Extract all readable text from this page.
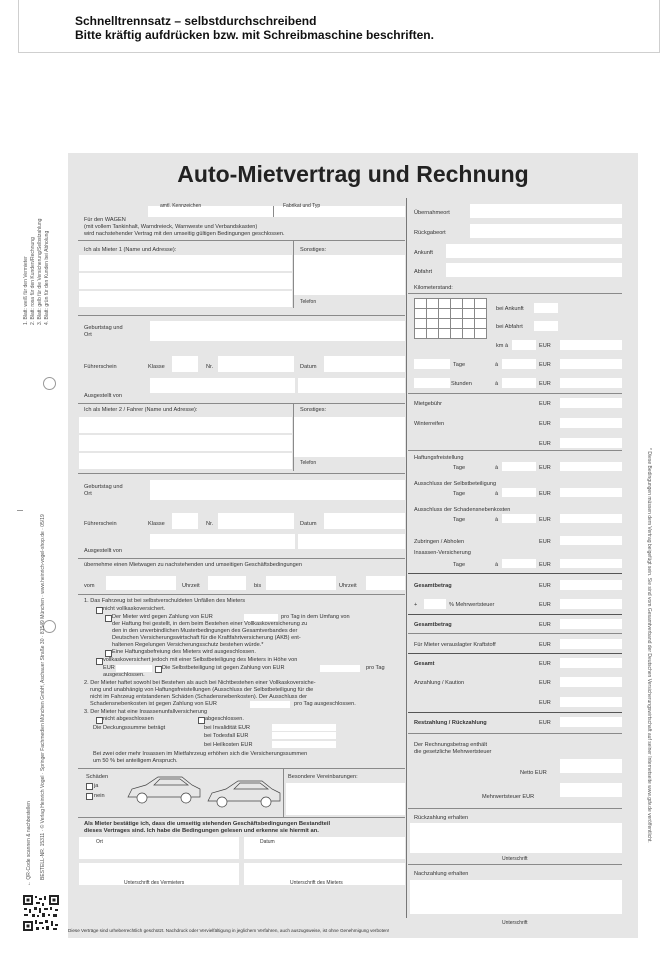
Schnelltrennsatz – selbstdurchschreibend
Bitte kräftig aufdrücken bzw. mit Schreibmaschine beschriften.
1. Blatt: weiß für den Vermieter 2. Blatt: rosa für den Kunden/Rechnung 3. Blatt: gelb für die Versicherung/Selbstzahlung 4. Blatt: grün für den Kunden bei Abholung
BESTELL-NR. 15311 · © Verlag Heinrich Vogel · Springer Fachmedien München GmbH, Aschauer Straße 30 · 81549 München · www.heinrich-vogel-shop.de · 05/19
← QR-Code scannen & nachbestellen
* Diese Bedingungen müssen dem Vertrag beigefügt sein. Sie sind vom Gesamtverband der Deutschen Versicherungswirtschaft auf seiner Internetseite www.gdv.de veröffentlicht.
Auto-Mietvertrag und Rechnung
amtl. Kennzeichen	Fabrikat und Typ
Für den WAGEN
(mit vollem Tankinhalt, Warndreieck, Warnweste und Verbandskasten)
wird nachstehender Vertrag mit den umseitig gültigen Bedingungen geschlossen.
Ich als Mieter 1 (Name und Adresse):	Sonstiges:
Telefon
Geburtstag und
Ort
Führerschein	Klasse	Nr.	Datum
Ausgestellt von
Ich als Mieter 2 / Fahrer (Name und Adresse):	Sonstiges:
Telefon
Geburtstag und
Ort
Führerschein	Klasse	Nr.	Datum
Ausgestellt von
übernehme einen Mietwagen zu nachstehenden und umseitigen Geschäftsbedingungen
vom	Uhrzeit	bis	Uhrzeit
1. Das Fahrzeug ist bei selbstverschuldeten Unfällen des Mieters
nicht vollkaskoversichert.
Der Mieter wird gegen Zahlung von EUR	pro Tag in dem Umfang von
der Haftung frei gestellt, in dem beim Bestehen einer Vollkaskoversicherung zu
den in den unverbindlichen Musterbedingungen des Gesamtverbandes der
Deutschen Versicherungswirtschaft für die Kraftfahrtversicherung (AKB) ent-
haltenen Regelungen Versicherungsschutz bestehen würde.*
Eine Haftungsbefreiung des Mieters wird ausgeschlossen.
vollkaskoversichert jedoch mit einer Selbstbeteiligung des Mieters in Höhe von
EUR	Die Selbstbeteiligung ist gegen Zahlung von EUR	pro Tag
ausgeschlossen.
2. Der Mieter haftet sowohl bei Bestehen als auch bei Nichtbestehen einer Vollkaskoversiche-
rung und unabhängig von Haftungsfreistellungen (Ausschluss der Selbstbeteiligung für die
nicht im Fahrzeug entstandenen Schäden (Schadensnebenkosten). Der Ausschluss der
Schadensnebenkosten ist gegen Zahlung von EUR	pro Tag ausgeschlossen.
3. Der Mieter hat eine Insassenunfallversicherung
nicht abgeschlossen	abgeschlossen.
Die Deckungssumme beträgt	bei Invalidität EUR
bei Todesfall EUR
bei Heilkosten EUR
Bei zwei oder mehr Insassen im Mietfahrzeug erhöhen sich die Versicherungssummen
um 50 % bei anteiligem Anspruch.
Schäden
ja
nein
Besondere Vereinbarungen:
Als Mieter bestätige ich, dass die umseitig stehenden Geschäftsbedingungen Bestandteil
dieses Vertrages sind. Ich habe die Bedingungen gelesen und erkenne sie hiermit an.
Ort	Datum
Unterschrift des Vermieters	Unterschrift des Mieters
Diese Verträge sind urheberrechtlich geschützt. Nachdruck oder Vervielfältigung in jeglichem Verfahren, auch auszugsweise, ist ohne Genehmigung verboten!
Übernahmeort
Rückgabeort
Ankunft
Abfahrt
Kilometerstand:

bei Ankunft
bei Abfahrt
km à	EUR
Tage	à	EUR
Stunden	à	EUR
Mietgebühr	EUR
Winterreifen	EUR
EUR
Haftungsfreistellung
Tage	à	EUR
Ausschluss der Selbstbeteiligung
Tage	à	EUR
Ausschluss der Schadensnebenkosten
Tage	à	EUR
Zubringen / Abholen	EUR
Insassen-Versicherung
Tage	à	EUR
Gesamtbetrag	EUR
+	% Mehrwertsteuer	EUR
Gesamtbetrag	EUR
Für Mieter verauslagter Kraftstoff	EUR
Gesamt	EUR
Anzahlung / Kaution	EUR
EUR
Restzahlung / Rückzahlung	EUR
Der Rechnungsbetrag enthält
die gesetzliche Mehrwertsteuer
Netto EUR
Mehrwertsteuer EUR
Rückzahlung erhalten
Unterschrift
Nachzahlung erhalten
Unterschrift
